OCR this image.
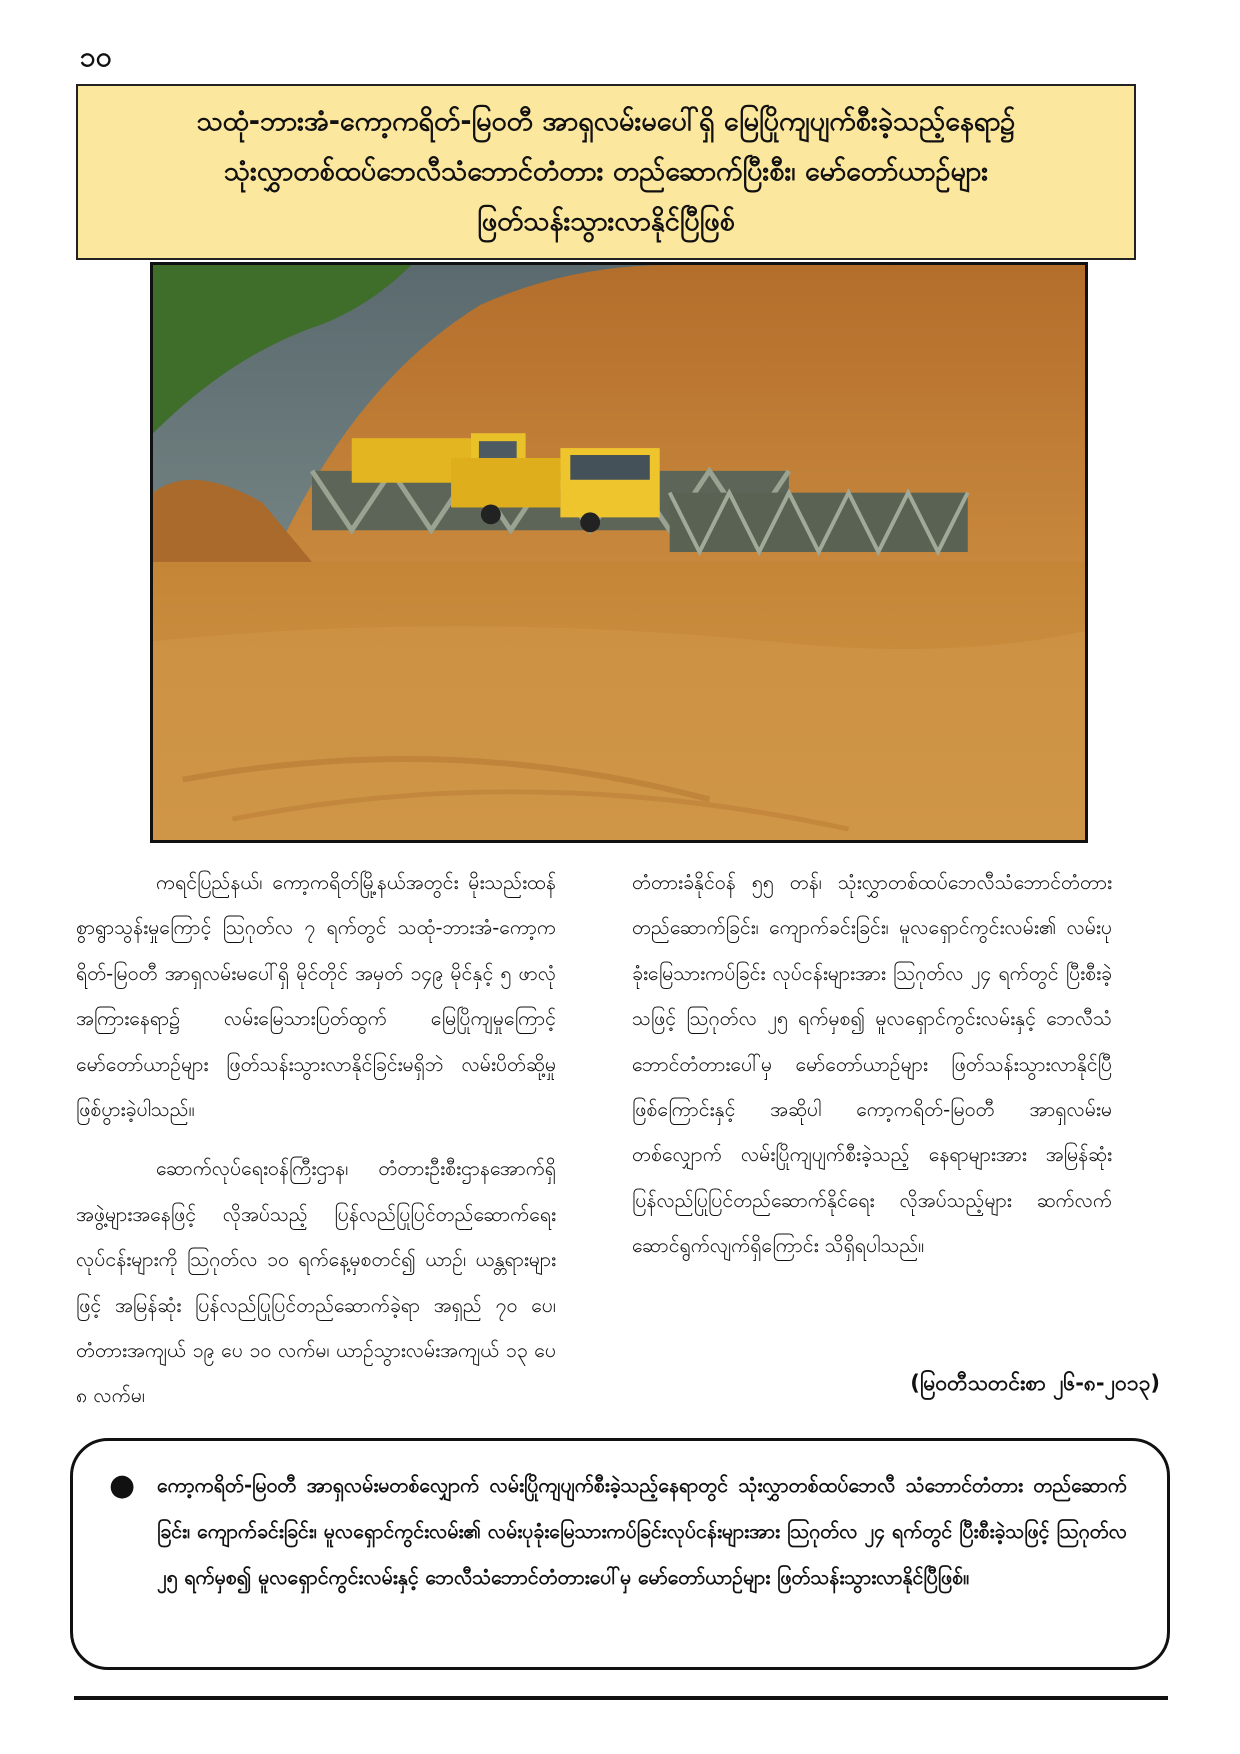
၁၀
သထုံ-ဘားအံ-ကော့ကရိတ်-မြဝတီ အာရှလမ်းမပေါ်ရှိ မြေပြိုကျပျက်စီးခဲ့သည့်နေရာ၌
သုံးလွှာတစ်ထပ်ဘေလီသံဘောင်တံတား တည်ဆောက်ပြီးစီး၊ မော်တော်ယာဉ်များ
ဖြတ်သန်းသွားလာနိုင်ပြီဖြစ်

ကရင်ပြည်နယ်၊ ကော့ကရိတ်မြို့နယ်အတွင်း မိုးသည်းထန်စွာရွာသွန်းမှုကြောင့် ဩဂုတ်လ ၇ ရက်တွင် သထုံ-ဘားအံ-ကော့ကရိတ်-မြဝတီ အာရှလမ်းမပေါ်ရှိ မိုင်တိုင် အမှတ် ၁၄၉ မိုင်နှင့် ၅ ဖာလုံအကြားနေရာ၌ လမ်းမြေသားပြတ်ထွက် မြေပြိုကျမှုကြောင့် မော်တော်ယာဉ်များ ဖြတ်သန်းသွားလာနိုင်ခြင်းမရှိဘဲ လမ်းပိတ်ဆို့မှုဖြစ်ပွားခဲ့ပါသည်။

ဆောက်လုပ်ရေးဝန်ကြီးဌာန၊ တံတားဦးစီးဌာနအောက်ရှိ အဖွဲ့များအနေဖြင့် လိုအပ်သည့် ပြန်လည်ပြုပြင်တည်ဆောက်ရေးလုပ်ငန်းများကို ဩဂုတ်လ ၁၀ ရက်နေ့မှစတင်၍ ယာဉ်၊ ယန္တရားများဖြင့် အမြန်ဆုံး ပြန်လည်ပြုပြင်တည်ဆောက်ခဲ့ရာ အရှည် ၇၀ ပေ၊ တံတားအကျယ် ၁၉ ပေ ၁၀ လက်မ၊ ယာဉ်သွားလမ်းအကျယ် ၁၃ ပေ ၈ လက်မ၊

တံတားခံနိုင်ဝန် ၅၅ တန်၊ သုံးလွှာတစ်ထပ်ဘေလီသံဘောင်တံတားတည်ဆောက်ခြင်း၊ ကျောက်ခင်းခြင်း၊ မူလရှောင်ကွင်းလမ်း၏ လမ်းပုခုံးမြေသားကပ်ခြင်း လုပ်ငန်းများအား ဩဂုတ်လ ၂၄ ရက်တွင် ပြီးစီးခဲ့သဖြင့် ဩဂုတ်လ ၂၅ ရက်မှစ၍ မူလရှောင်ကွင်းလမ်းနှင့် ဘေလီသံဘောင်တံတားပေါ်မှ မော်တော်ယာဉ်များ ဖြတ်သန်းသွားလာနိုင်ပြီဖြစ်ကြောင်းနှင့် အဆိုပါ ကော့ကရိတ်-မြဝတီ အာရှလမ်းမတစ်လျှောက် လမ်းပြိုကျပျက်စီးခဲ့သည့် နေရာများအား အမြန်ဆုံးပြန်လည်ပြုပြင်တည်ဆောက်နိုင်ရေး လိုအပ်သည့်များ ဆက်လက်ဆောင်ရွက်လျက်ရှိကြောင်း သိရှိရပါသည်။

(မြဝတီသတင်းစာ ၂၆-၈-၂၀၁၃)
●	ကော့ကရိတ်-မြဝတီ အာရှလမ်းမတစ်လျှောက် လမ်းပြိုကျပျက်စီးခဲ့သည့်နေရာတွင် သုံးလွှာတစ်ထပ်ဘေလီ သံဘောင်တံတား တည်ဆောက်ခြင်း၊ ကျောက်ခင်းခြင်း၊ မူလရှောင်ကွင်းလမ်း၏ လမ်းပုခုံးမြေသားကပ်ခြင်းလုပ်ငန်းများအား ဩဂုတ်လ ၂၄ ရက်တွင် ပြီးစီးခဲ့သဖြင့် ဩဂုတ်လ ၂၅ ရက်မှစ၍ မူလရှောင်ကွင်းလမ်းနှင့် ဘေလီသံဘောင်တံတားပေါ်မှ မော်တော်ယာဉ်များ ဖြတ်သန်းသွားလာနိုင်ပြီဖြစ်။
